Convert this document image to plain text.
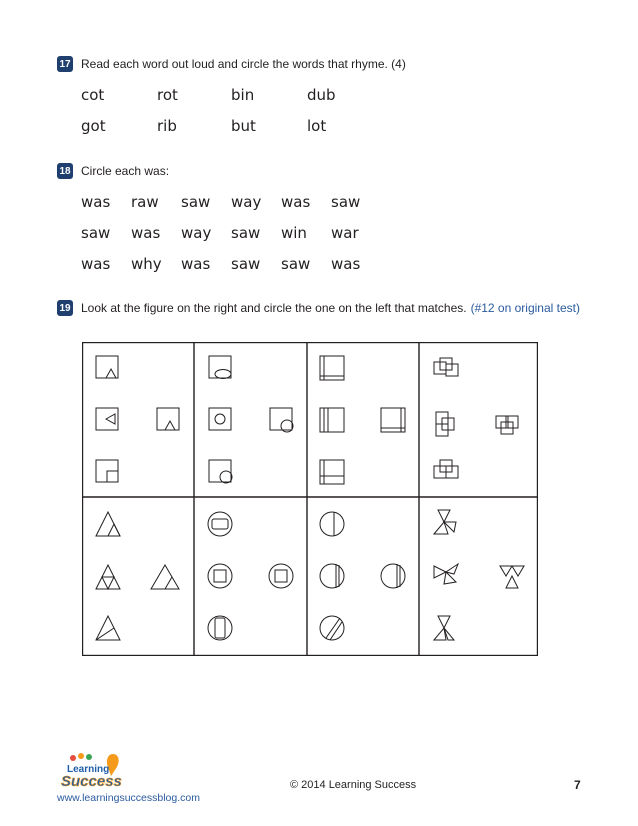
17 Read each word out loud and circle the words that rhyme. (4)
cot	rot	bin	dub
got	rib	but	lot
18 Circle each was:
was	raw	saw	way	was	saw
saw	was	way	saw	win	war
was	why	was	saw	saw	was
19 Look at the figure on the right and circle the one on the left that matches. (#12 on original test)
Learning
Success
www.learningsuccessblog.com
© 2014 Learning Success	7
